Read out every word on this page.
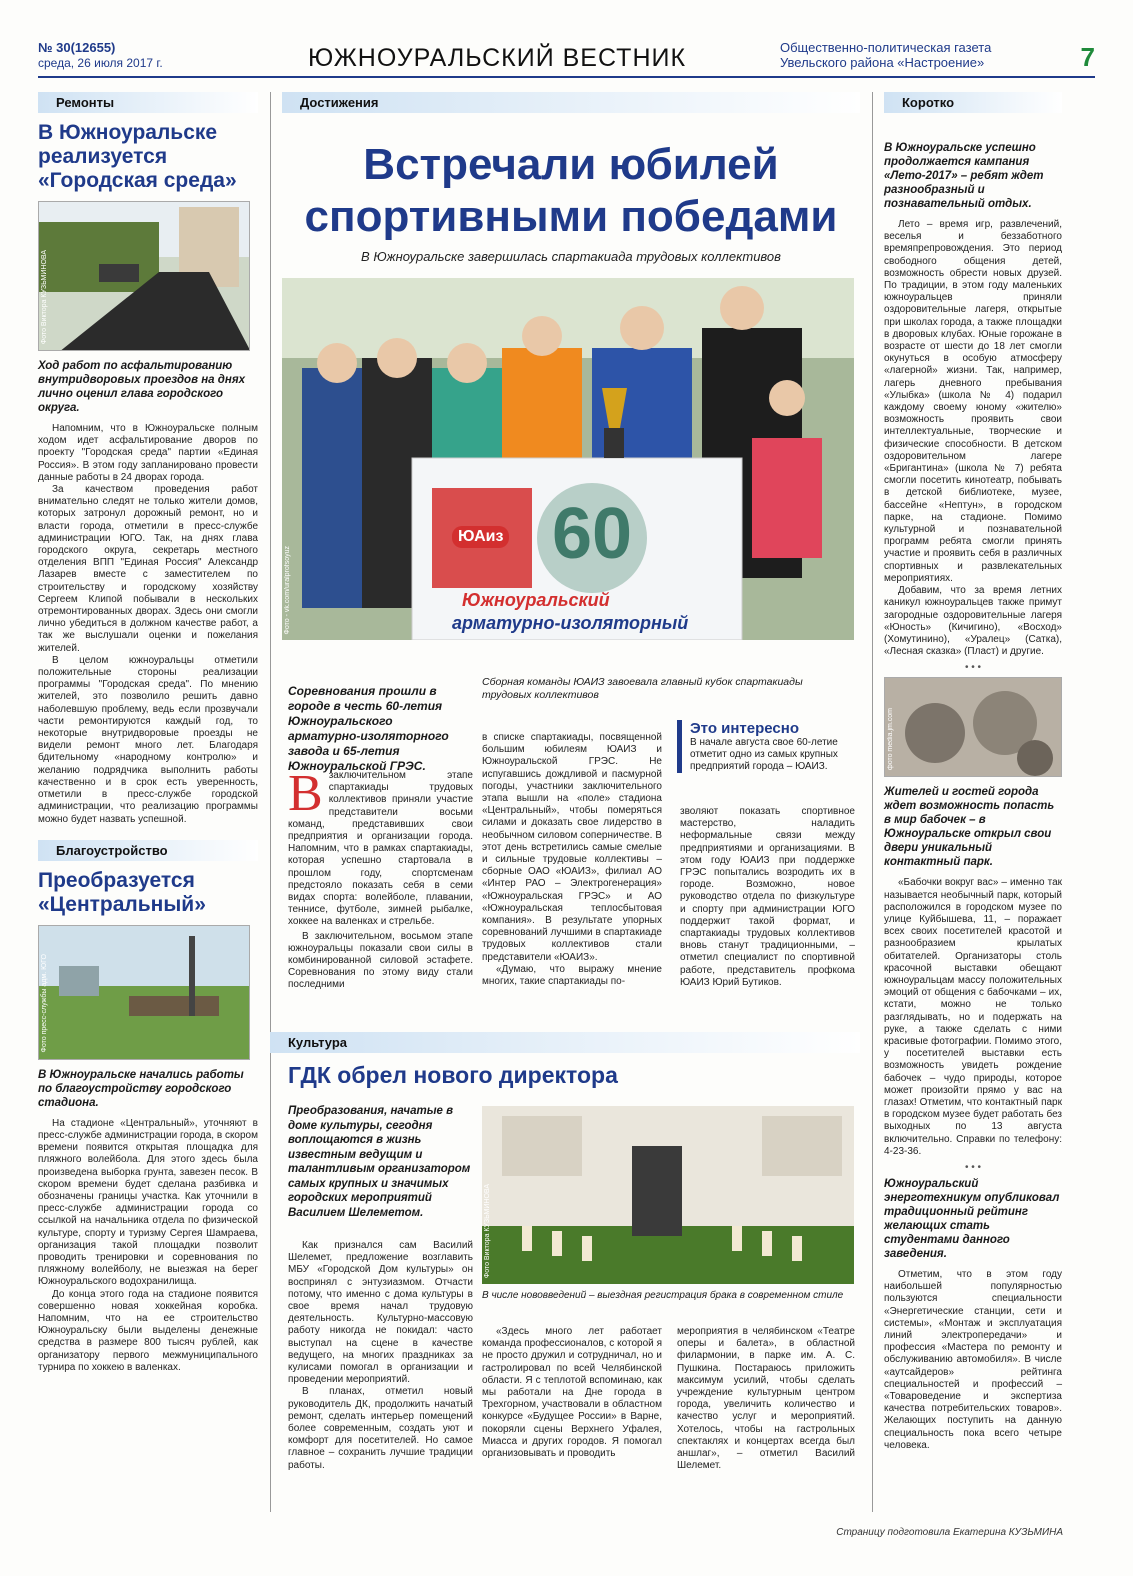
№ 30(12655)
среда, 26 июля 2017 г.	ЮЖНОУРАЛЬСКИЙ ВЕСТНИК	Общественно-политическая газета Увельского района «Настроение»	7
Ремонты
В Южноуральске реализуется «Городская среда»
Фото Виктора КУЗЬМИНОВА
Ход работ по асфальтированию внутридворовых проездов на днях лично оценил глава городского округа.

Напомним, что в Южноуральске полным ходом идет асфальтирование дворов по проекту "Городская среда" партии «Единая Россия». В этом году запланировано провести данные работы в 24 дворах города.

За качеством проведения работ внимательно следят не только жители домов, которых затронул дорожный ремонт, но и власти города, отметили в пресс-службе администрации ЮГО. Так, на днях глава городского округа, секретарь местного отделения ВПП "Единая Россия" Александр Лазарев вместе с заместителем по строительству и городскому хозяйству Сергеем Клипой побывали в нескольких отремонтированных дворах. Здесь они смогли лично убедиться в должном качестве работ, а так же выслушали оценки и пожелания жителей.

В целом южноуральцы отметили положительные стороны реализации программы "Городская среда". По мнению жителей, это позволило решить давно наболевшую проблему, ведь если прозвучали части ремонтируются каждый год, то некоторые внутридворовые проезды не видели ремонт много лет. Благодаря бдительному «народному контролю» и желанию подрядчика выполнить работы качественно и в срок есть уверенность, отметили в пресс-службе городской администрации, что реализацию программы можно будет назвать успешной.

Благоустройство
Преобразуется «Центральный»
Фото пресс-службы адм. ЮГО
В Южноуральске начались работы по благоустройству городского стадиона.

На стадионе «Центральный», уточняют в пресс-службе администрации города, в скором времени появится открытая площадка для пляжного волейбола. Для этого здесь была произведена выборка грунта, завезен песок. В скором времени будет сделана разбивка и обозначены границы участка. Как уточнили в пресс-службе администрации города со ссылкой на начальника отдела по физической культуре, спорту и туризму Сергея Шамраева, организация такой площадки позволит проводить тренировки и соревнования по пляжному волейболу, не выезжая на берег Южноуральского водохранилища.

До конца этого года на стадионе появится совершенно новая хоккейная коробка. Напомним, что на ее строительство Южноуральску были выделены денежные средства в размере 800 тысяч рублей, как организатору первого межмуниципального турнира по хоккею в валенках.

Достижения
Встречали юбилей спортивными победами
В Южноуральске завершилась спартакиада трудовых коллективов
ЮАиз 60
Южноуральский
арматурно-изоляторный
Фото - vk.com/uralprofsoyuz
Сборная команды ЮАИЗ завоевала главный кубок спартакиады трудовых коллективов
Соревнования прошли в городе в честь 60-летия Южноуральского арматурно-изоляторного завода и 65-летия Южноуральской ГРЭС.
В заключительном этапе спартакиады трудовых коллективов приняли участие представители восьми команд, представивших свои предприятия и организации города. Напомним, что в рамках спартакиады, которая успешно стартовала в прошлом году, спортсменам предстояло показать себя в семи видах спорта: волейболе, плавании, теннисе, футболе, зимней рыбалке, хоккее на валенках и стрельбе.

В заключительном, восьмом этапе южноуральцы показали свои силы в комбинированной силовой эстафете. Соревнования по этому виду стали последними

в списке спартакиады, посвященной большим юбилеям ЮАИЗ и Южноуральской ГРЭС. Не испугавшись дождливой и пасмурной погоды, участники заключительного этапа вышли на «поле» стадиона «Центральный», чтобы померяться силами и доказать свое лидерство в необычном силовом соперничестве. В этот день встретились самые смелые и сильные трудовые коллективы – сборные ОАО «ЮАИЗ», филиал АО «Интер РАО – Электрогенерация» «Южноуральская ГРЭС» и АО «Южноуральская теплосбытовая компания». В результате упорных соревнований лучшими в спартакиаде трудовых коллективов стали представители «ЮАИЗ».

«Думаю, что выражу мнение многих, такие спартакиады по-

Это интересно
В начале августа свое 60-летие отметит одно из самых крупных предприятий города – ЮАИЗ.
зволяют показать спортивное мастерство, наладить неформальные связи между предприятиями и организациями. В этом году ЮАИЗ при поддержке ГРЭС попытались возродить их в городе. Возможно, новое руководство отдела по физкультуре и спорту при администрации ЮГО поддержит такой формат, и спартакиады трудовых коллективов вновь станут традиционными, – отметил специалист по спортивной работе, представитель профкома ЮАИЗ Юрий Бутиков.
Культура
ГДК обрел нового директора
Преобразования, начатые в доме культуры, сегодня воплощаются в жизнь известным ведущим и талантливым организатором самых крупных и значимых городских мероприятий Василием Шелеметом.	Фото Виктора КУЗЬМИНОВА
В числе нововведений – выездная регистрация брака в современном стиле

Как признался сам Василий Шелемет, предложение возглавить МБУ «Городской Дом культуры» он воспринял с энтузиазмом. Отчасти потому, что именно с дома культуры в свое время начал трудовую деятельность. Культурно-массовую работу никогда не покидал: часто выступал на сцене в качестве ведущего, на многих праздниках за кулисами помогал в организации и проведении мероприятий.

В планах, отметил новый руководитель ДК, продолжить начатый ремонт, сделать интерьер помещений более современным, создать уют и комфорт для посетителей. Но самое главное – сохранить лучшие традиции работы.

«Здесь много лет работает команда профессионалов, с которой я не просто дружил и сотрудничал, но и гастролировал по всей Челябинской области. Я с теплотой вспоминаю, как мы работали на Дне города в Трехгорном, участвовали в областном конкурсе «Будущее России» в Варне, покоряли сцены Верхнего Уфалея, Миасса и других городов. Я помогал организовывать и проводить

мероприятия в челябинском «Театре оперы и балета», в областной филармонии, в парке им. А. С. Пушкина. Постараюсь приложить максимум усилий, чтобы сделать учреждение культурным центром города, увеличить количество и качество услуг и мероприятий. Хотелось, чтобы на гастрольных спектаклях и концертах всегда был аншлаг», – отметил Василий Шелемет.
Коротко
В Южноуральске успешно продолжается кампания «Лето-2017» – ребят ждет разнообразный и познавательный отдых.

Лето – время игр, развлечений, веселья и беззаботного времяпрепровождения. Это период свободного общения детей, возможность обрести новых друзей. По традиции, в этом году маленьких южноуральцев приняли оздоровительные лагеря, открытые при школах города, а также площадки в дворовых клубах. Юные горожане в возрасте от шести до 18 лет смогли окунуться в особую атмосферу «лагерной» жизни. Так, например, лагерь дневного пребывания «Улыбка» (школа № 4) подарил каждому своему юному «жителю» возможность проявить свои интеллектуальные, творческие и физические способности. В детском оздоровительном лагере «Бригантина» (школа № 7) ребята смогли посетить кинотеатр, побывать в детской библиотеке, музее, бассейне «Нептун», в городском парке, на стадионе. Помимо культурной и познавательной программ ребята смогли принять участие и проявить себя в различных спортивных и развлекательных мероприятиях.

Добавим, что за время летних каникул южноуральцев также примут загородные оздоровительные лагеря «Юность» (Кичигино), «Восход» (Хомутинино), «Уралец» (Сатка), «Лесная сказка» (Пласт) и другие.

• • •
фото media.jm.com
Жителей и гостей города ждет возможность попасть в мир бабочек – в Южноуральске открыл свои двери уникальный контактный парк.

«Бабочки вокруг вас» – именно так называется необычный парк, который расположился в городском музее по улице Куйбышева, 11, – поражает всех своих посетителей красотой и разнообразием крылатых обитателей. Организаторы столь красочной выставки обещают южноуральцам массу положительных эмоций от общения с бабочками – их, кстати, можно не только разглядывать, но и подержать на руке, а также сделать с ними красивые фотографии. Помимо этого, у посетителей выставки есть возможность увидеть рождение бабочек – чудо природы, которое может произойти прямо у вас на глазах! Отметим, что контактный парк в городском музее будет работать без выходных по 13 августа включительно. Справки по телефону: 4-23-36.

• • •
Южноуральский энерготехникум опубликовал традиционный рейтинг желающих стать студентами данного заведения.

Отметим, что в этом году наибольшей популярностью пользуются специальности «Энергетические станции, сети и системы», «Монтаж и эксплуатация линий электропередачи» и профессия «Мастера по ремонту и обслуживанию автомобиля». В числе «аутсайдеров» рейтинга специальностей и профессий – «Товароведение и экспертиза качества потребительских товаров». Желающих поступить на данную специальность пока всего четыре человека.

Страницу подготовила Екатерина КУЗЬМИНА
